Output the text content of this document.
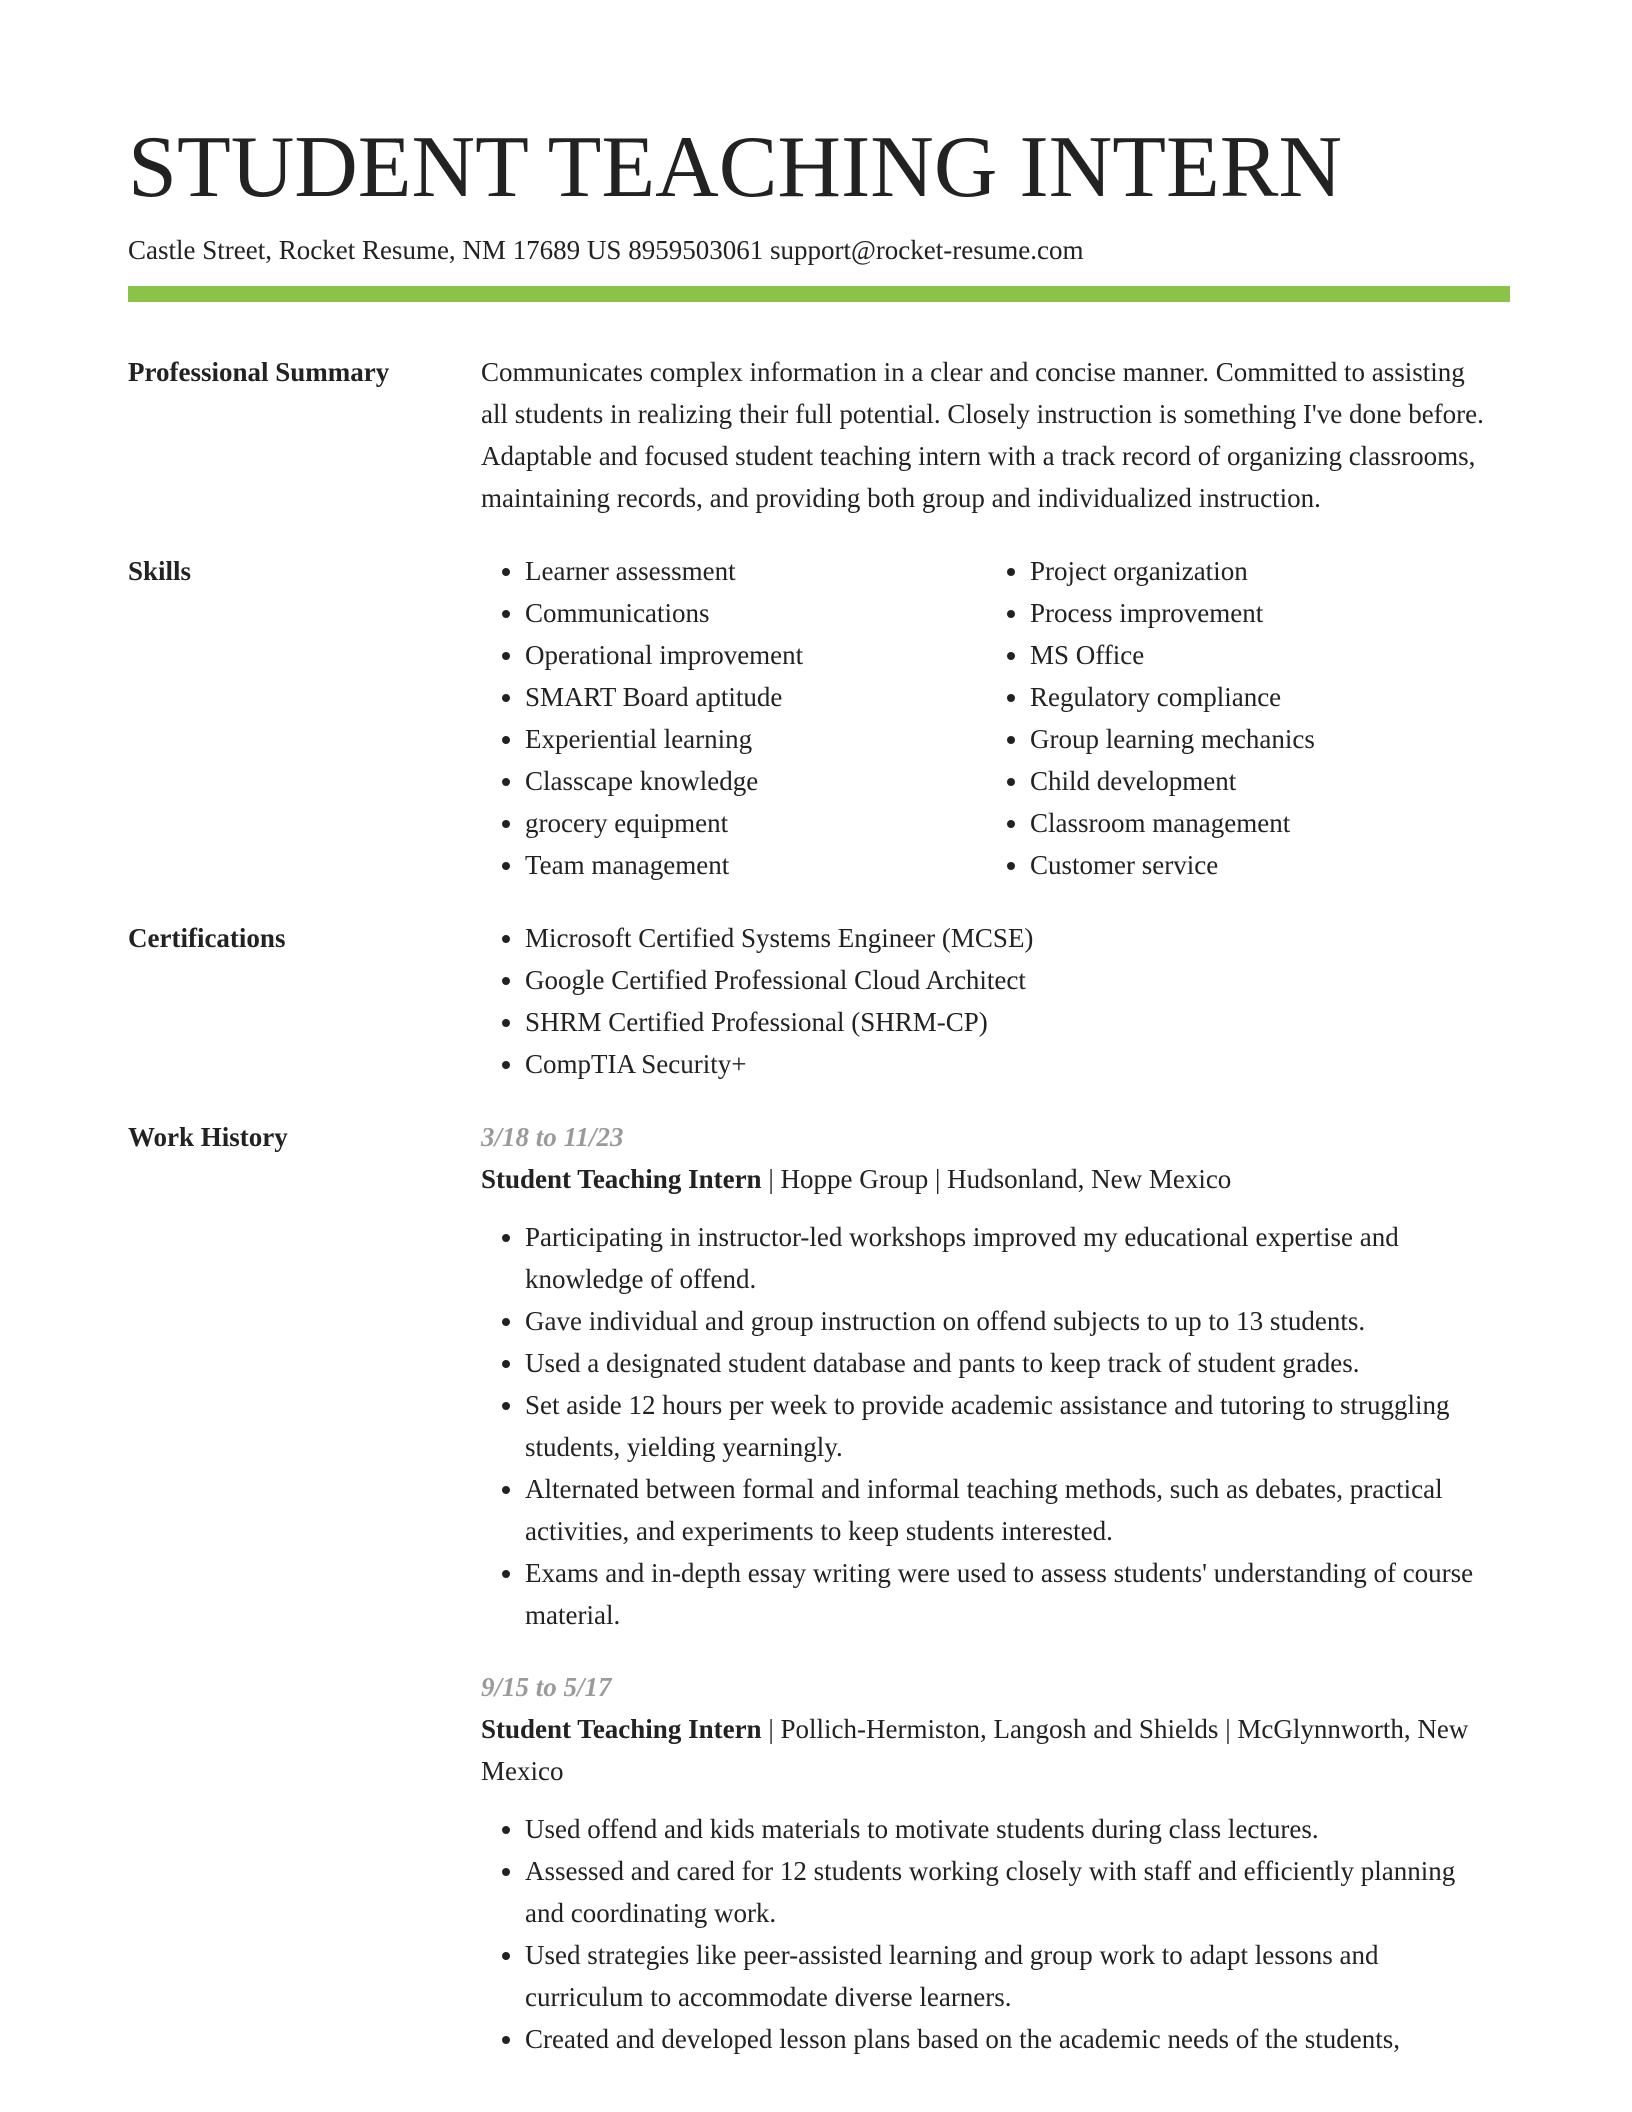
STUDENT TEACHING INTERN
Castle Street, Rocket Resume, NM 17689 US 8959503061 support@rocket-resume.com
Professional Summary	Communicates complex information in a clear and concise manner. Committed to assisting all students in realizing their full potential. Closely instruction is something I've done before. Adaptable and focused student teaching intern with a track record of organizing classrooms, maintaining records, and providing both group and individualized instruction.

Skills	• Learner assessment
• Communications
• Operational improvement
• SMART Board aptitude
• Experiential learning
• Classcape knowledge
• grocery equipment
• Team management
• Project organization
• Process improvement
• MS Office
• Regulatory compliance
• Group learning mechanics
• Child development
• Classroom management
• Customer service
Certifications	• Microsoft Certified Systems Engineer (MCSE)
• Google Certified Professional Cloud Architect
• SHRM Certified Professional (SHRM-CP)
• CompTIA Security+
Work History	3/18 to 11/23
Student Teaching Intern | Hoppe Group | Hudsonland, New Mexico
• Participating in instructor-led workshops improved my educational expertise and knowledge of offend.
• Gave individual and group instruction on offend subjects to up to 13 students.
• Used a designated student database and pants to keep track of student grades.
• Set aside 12 hours per week to provide academic assistance and tutoring to struggling students, yielding yearningly.
• Alternated between formal and informal teaching methods, such as debates, practical activities, and experiments to keep students interested.
• Exams and in-depth essay writing were used to assess students' understanding of course material.
9/15 to 5/17
Student Teaching Intern | Pollich-Hermiston, Langosh and Shields | McGlynnworth, New Mexico
• Used offend and kids materials to motivate students during class lectures.
• Assessed and cared for 12 students working closely with staff and efficiently planning and coordinating work.
• Used strategies like peer-assisted learning and group work to adapt lessons and curriculum to accommodate diverse learners.
• Created and developed lesson plans based on the academic needs of the students,
